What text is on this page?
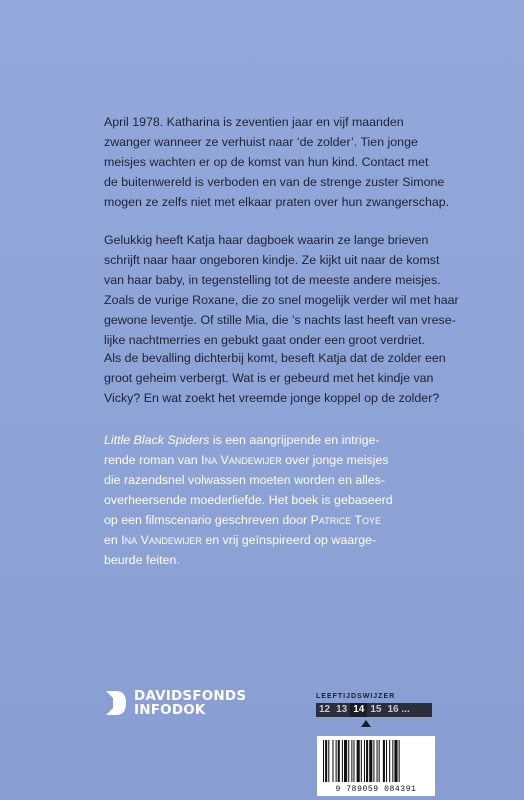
April 1978. Katharina is zeventien jaar en vijf maanden
zwanger wanneer ze verhuist naar ‘de zolder’. Tien jonge
meisjes wachten er op de komst van hun kind. Contact met
de buitenwereld is verboden en van de strenge zuster Simone
mogen ze zelfs niet met elkaar praten over hun zwangerschap.

Gelukkig heeft Katja haar dagboek waarin ze lange brieven
schrijft naar haar ongeboren kindje. Ze kijkt uit naar de komst
van haar baby, in tegenstelling tot de meeste andere meisjes.
Zoals de vurige Roxane, die zo snel mogelijk verder wil met haar
gewone leventje. Of stille Mia, die ’s nachts last heeft van vrese-
lijke nachtmerries en gebukt gaat onder een groot verdriet.

Als de bevalling dichterbij komt, beseft Katja dat de zolder een
groot geheim verbergt. Wat is er gebeurd met het kindje van
Vicky? En wat zoekt het vreemde jonge koppel op de zolder?

Little Black Spiders is een aangrijpende en intrige-
rende roman van Ina Vandewijer over jonge meisjes
die razendsnel volwassen moeten worden en alles-
overheersende moederliefde. Het boek is gebaseerd
op een filmscenario geschreven door Patrice Toye
en Ina Vandewijer en vrij geïnspireerd op waarge-
beurde feiten.

DAVIDSFONDS
INFODOK
LEEFTIJDSWIJZER
12 13 14 15 16 ...
9 789059 084391
